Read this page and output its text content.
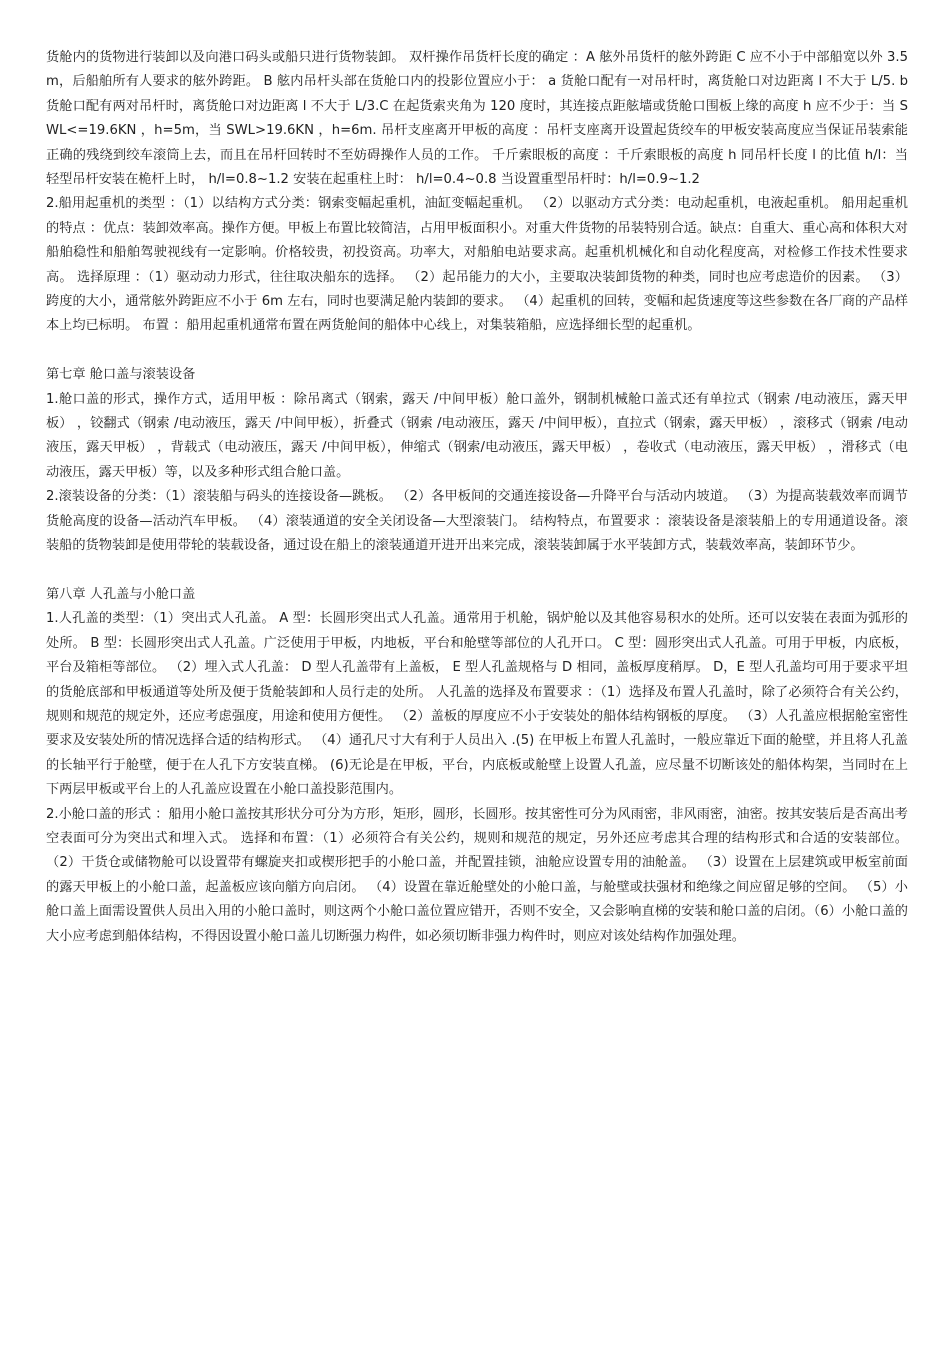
货舱内的货物进行装卸以及向港口码头或船只进行货物装卸。 双杆操作吊货杆长度的确定 ：A 舷外吊货杆的舷外跨距 C 应不小于中部船宽以外 3.5m，后船舶所有人要求的舷外跨距。 B 舷内吊杆头部在货舱口内的投影位置应小于： a 货舱口配有一对吊杆时，离货舱口对边距离 l 不大于 L/5. b 货舱口配有两对吊杆时，离货舱口对边距离 l 不大于 L/3.C 在起货索夹角为 120 度时，其连接点距舷墙或货舱口围板上缘的高度 h 应不少于：当 SWL<=19.6KN ，h=5m，当 SWL>19.6KN ，h=6m. 吊杆支座离开甲板的高度 ：吊杆支座离开设置起货绞车的甲板安装高度应当保证吊装索能正确的残绕到绞车滚筒上去，而且在吊杆回转时不至妨碍操作人员的工作。 千斤索眼板的高度 ：千斤索眼板的高度 h 同吊杆长度 l 的比值 h/l：当轻型吊杆安装在桅杆上时， h/l=0.8~1.2 安装在起重柱上时： h/l=0.4~0.8 当设置重型吊杆时：h/l=0.9~1.2

2.船用起重机的类型 ：（1）以结构方式分类：钢索变幅起重机，油缸变幅起重机。 （2）以驱动方式分类：电动起重机，电液起重机。 船用起重机的特点 ：优点：装卸效率高。操作方便。甲板上布置比较简洁，占用甲板面积小。对重大件货物的吊装特别合适。缺点：自重大、重心高和体积大对船舶稳性和船舶驾驶视线有一定影响。价格较贵，初投资高。功率大，对船舶电站要求高。起重机机械化和自动化程度高，对检修工作技术性要求高。 选择原理 ：（1）驱动动力形式，往往取决船东的选择。 （2）起吊能力的大小，主要取决装卸货物的种类，同时也应考虑造价的因素。 （3）跨度的大小，通常舷外跨距应不小于 6m 左右，同时也要满足舱内装卸的要求。 （4）起重机的回转，变幅和起货速度等这些参数在各厂商的产品样本上均已标明。 布置 ：船用起重机通常布置在两货舱间的船体中心线上，对集装箱船，应选择细长型的起重机。

第七章 舱口盖与滚装设备

1.舱口盖的形式，操作方式，适用甲板 ：除吊离式（钢索，露天 /中间甲板）舱口盖外，钢制机械舱口盖式还有单拉式（钢索 /电动液压，露天甲板） ，铰翻式（钢索 /电动液压，露天 /中间甲板），折叠式（钢索 /电动液压，露天 /中间甲板），直拉式（钢索，露天甲板） ，滚移式（钢索 /电动液压，露天甲板） ，背载式（电动液压，露天 /中间甲板），伸缩式（钢索/电动液压，露天甲板） ，卷收式（电动液压，露天甲板） ，滑移式（电动液压，露天甲板）等，以及多种形式组合舱口盖。

2.滚装设备的分类：（1）滚装船与码头的连接设备—跳板。 （2）各甲板间的交通连接设备—升降平台与活动内坡道。 （3）为提高装载效率而调节货舱高度的设备—活动汽车甲板。 （4）滚装通道的安全关闭设备—大型滚装门。 结构特点，布置要求 ：滚装设备是滚装船上的专用通道设备。滚装船的货物装卸是使用带轮的装载设备，通过设在船上的滚装通道开进开出来完成，滚装装卸属于水平装卸方式，装载效率高，装卸环节少。

第八章 人孔盖与小舱口盖

1.人孔盖的类型：（1）突出式人孔盖。 A 型：长圆形突出式人孔盖。通常用于机舱，锅炉舱以及其他容易积水的处所。还可以安装在表面为弧形的处所。 B 型：长圆形突出式人孔盖。广泛使用于甲板，内地板，平台和舱壁等部位的人孔开口。 C 型：圆形突出式人孔盖。可用于甲板，内底板，平台及箱柜等部位。 （2）埋入式人孔盖： D 型人孔盖带有上盖板， E 型人孔盖规格与 D 相同，盖板厚度稍厚。 D，E 型人孔盖均可用于要求平坦的货舱底部和甲板通道等处所及便于货舱装卸和人员行走的处所。 人孔盖的选择及布置要求 ：（1）选择及布置人孔盖时，除了必须符合有关公约，规则和规范的规定外，还应考虑强度，用途和使用方便性。 （2）盖板的厚度应不小于安装处的船体结构钢板的厚度。 （3）人孔盖应根据舱室密性要求及安装处所的情况选择合适的结构形式。 （4）通孔尺寸大有利于人员出入 .(5) 在甲板上布置人孔盖时，一般应靠近下面的舱壁，并且将人孔盖的长轴平行于舱壁，便于在人孔下方安装直梯。 (6)无论是在甲板，平台，内底板或舱壁上设置人孔盖，应尽量不切断该处的船体构架，当同时在上下两层甲板或平台上的人孔盖应设置在小舱口盖投影范围内。

2.小舱口盖的形式 ：船用小舱口盖按其形状分可分为方形，矩形，圆形，长圆形。按其密性可分为风雨密，非风雨密，油密。按其安装后是否高出考空表面可分为突出式和埋入式。 选择和布置：（1）必须符合有关公约，规则和规范的规定，另外还应考虑其合理的结构形式和合适的安装部位。 （2）干货仓或储物舱可以设置带有螺旋夹扣或楔形把手的小舱口盖，并配置挂锁，油舱应设置专用的油舱盖。 （3）设置在上层建筑或甲板室前面的露天甲板上的小舱口盖，起盖板应该向艏方向启闭。 （4）设置在靠近舱壁处的小舱口盖，与舱壁或扶强材和绝缘之间应留足够的空间。 （5）小舱口盖上面需设置供人员出入用的小舱口盖时，则这两个小舱口盖位置应错开，否则不安全，又会影响直梯的安装和舱口盖的启闭。（6）小舱口盖的大小应考虑到船体结构，不得因设置小舱口盖儿切断强力构件，如必须切断非强力构件时，则应对该处结构作加强处理。
